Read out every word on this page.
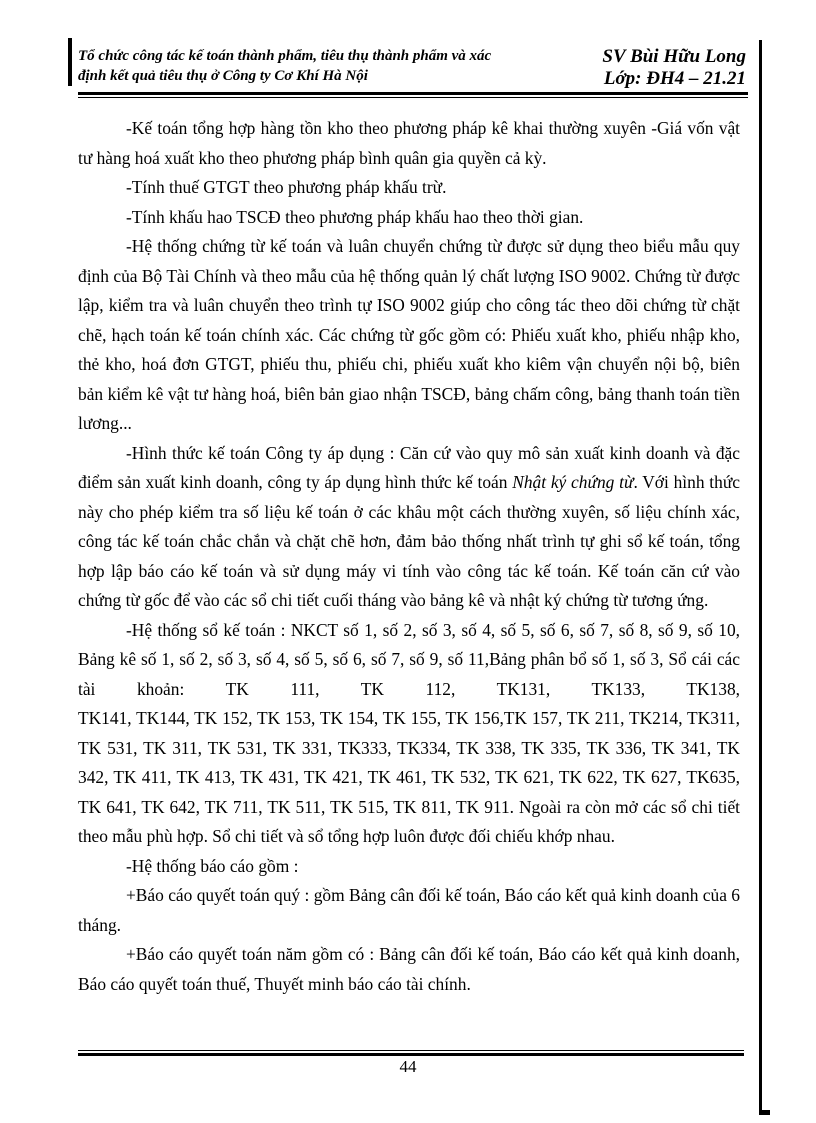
Tổ chức công tác kế toán thành phẩm, tiêu thụ thành phẩm và xác
định kết quả tiêu thụ ở Công ty Cơ Khí Hà Nội
SV Bùi Hữu Long
Lớp: ĐH4 – 21.21

-Kế toán tổng hợp hàng tồn kho theo phương pháp kê khai thường xuyên -Giá vốn vật tư hàng hoá xuất kho theo phương pháp bình quân gia quyền cả kỳ.

-Tính thuế GTGT theo phương pháp khấu trừ.

-Tính khấu hao TSCĐ theo phương pháp khấu hao theo thời gian.

-Hệ thống chứng từ kế toán và luân chuyển chứng từ được sử dụng theo biểu mẫu quy định của Bộ Tài Chính và theo mẫu của hệ thống quản lý chất lượng ISO 9002. Chứng từ được lập, kiểm tra và luân chuyển theo trình tự ISO 9002 giúp cho công tác theo dõi chứng từ chặt chẽ, hạch toán kế toán chính xác. Các chứng từ gốc gồm có: Phiếu xuất kho, phiếu nhập kho, thẻ kho, hoá đơn GTGT, phiếu thu, phiếu chi, phiếu xuất kho kiêm vận chuyển nội bộ, biên bản kiểm kê vật tư hàng hoá, biên bản giao nhận TSCĐ, bảng chấm công, bảng thanh toán tiền lương...

-Hình thức kế toán Công ty áp dụng : Căn cứ vào quy mô sản xuất kinh doanh và đặc điểm sản xuất kinh doanh, công ty áp dụng hình thức kế toán Nhật ký chứng từ. Với hình thức này cho phép kiểm tra số liệu kế toán ở các khâu một cách thường xuyên, số liệu chính xác, công tác kế toán chắc chắn và chặt chẽ hơn, đảm bảo thống nhất trình tự ghi sổ kế toán, tổng hợp lập báo cáo kế toán và sử dụng máy vi tính vào công tác kế toán. Kế toán căn cứ vào chứng từ gốc để vào các sổ chi tiết cuối tháng vào bảng kê và nhật ký chứng từ tương ứng.

-Hệ thống sổ kế toán : NKCT số 1, số 2, số 3, số 4, số 5, số 6, số 7, số 8, số 9, số 10, Bảng kê số 1, số 2, số 3, số 4, số 5, số 6, số 7, số 9, số 11,Bảng phân bổ số 1, số 3, Sổ cái các tài khoản: TK 111, TK 112, TK131, TK133, TK138,

TK141, TK144, TK 152, TK 153, TK 154, TK 155, TK 156,TK 157, TK 211, TK214, TK311, TK 531, TK 311, TK 531, TK 331, TK333, TK334, TK 338, TK 335, TK 336, TK 341, TK 342, TK 411, TK 413, TK 431, TK 421, TK 461, TK 532, TK 621, TK 622, TK 627, TK635, TK 641, TK 642, TK 711, TK 511, TK 515, TK 811, TK 911. Ngoài ra còn mở các sổ chi tiết theo mẫu phù hợp. Sổ chi tiết và sổ tổng hợp luôn được đối chiếu khớp nhau.

-Hệ thống báo cáo gồm :

+Báo cáo quyết toán quý : gồm Bảng cân đối kế toán, Báo cáo kết quả kinh doanh của 6 tháng.

+Báo cáo quyết toán năm gồm có : Bảng cân đối kế toán, Báo cáo kết quả kinh doanh, Báo cáo quyết toán thuế, Thuyết minh báo cáo tài chính.

44
